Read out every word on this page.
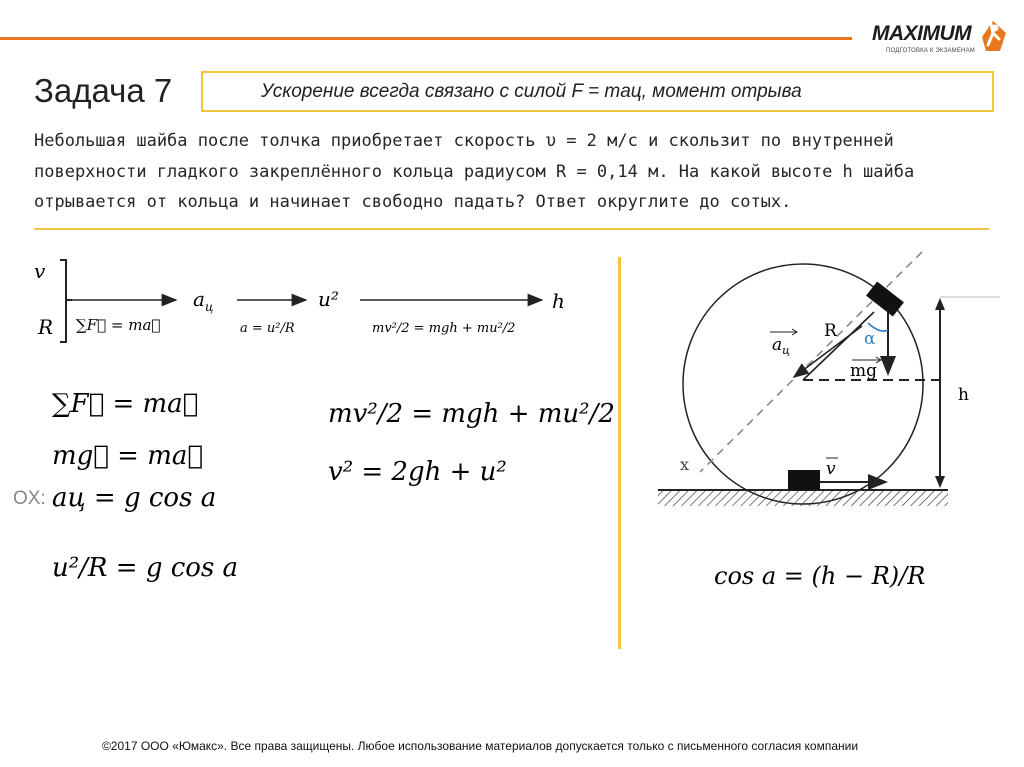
MAXIMUM
ПОДГОТОВКА К ЭКЗАМЕНАМ
Задача 7	Ускорение всегда связано с силой F = maц, момент отрыва
Небольшая шайба после толчка приобретает скорость υ = 2 м/с и скользит по внутренней
поверхности гладкого закреплённого кольца радиусом R = 0,14 м. На какой высоте h шайба
отрывается от кольца и начинает свободно падать? Ответ округлите до сотых.
v
R ∑F⃗ = ma⃗
$a_ц$
a = u²/R
u²
mv²/2 = mgh + mu²/2
h
∑F⃗ = ma⃗
mg⃗ = ma⃗
aц = g cos a
u²/R = g cos a
mv²/2 = mgh + mu²/2
v² = 2gh + u²
OX:
R α
$a_ц$
mg
h
x	v
cos a = (h − R)/R
©2017 ООО «Юмакс». Все права защищены. Любое использование материалов допускается только с письменного согласия компании
